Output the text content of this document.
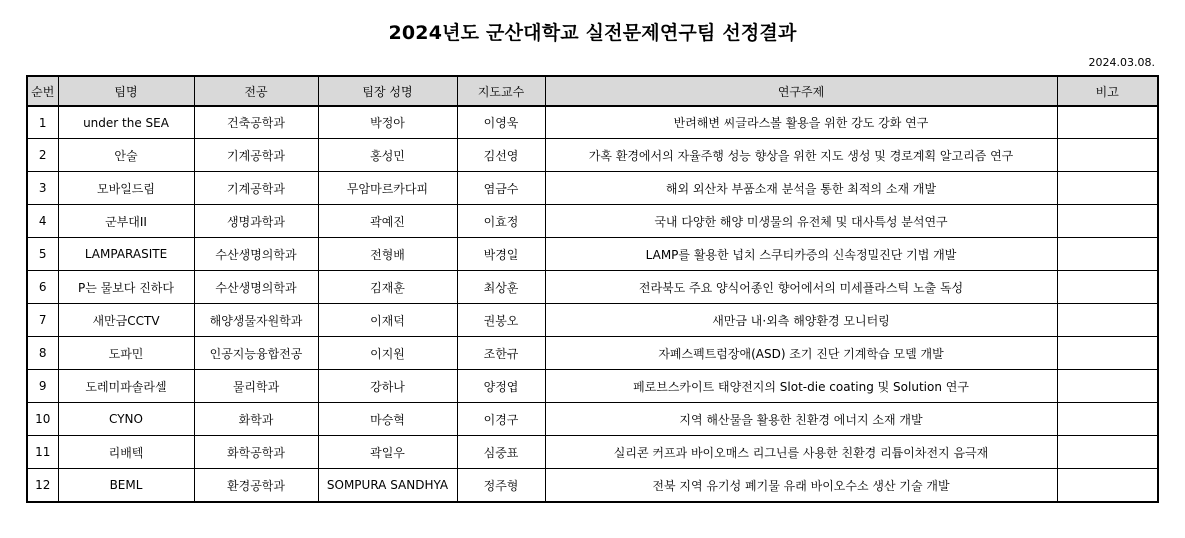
2024년도 군산대학교 실전문제연구팀 선정결과
2024.03.08.
순번	팀명	전공	팀장 성명	지도교수	연구주제	비고
1	under the SEA	건축공학과	박정아	이영욱	반려해변 씨글라스볼 활용을 위한 강도 강화 연구	
2	안술	기계공학과	홍성민	김선영	가혹 환경에서의 자율주행 성능 향상을 위한 지도 생성 및 경로계획 알고리즘 연구	
3	모바일드림	기계공학과	무암마르카다피	염금수	해외 외산차 부품소재 분석을 통한 최적의 소재 개발	
4	군부대II	생명과학과	곽예진	이효정	국내 다양한 해양 미생물의 유전체 및 대사특성 분석연구	
5	LAMPARASITE	수산생명의학과	전형배	박경일	LAMP를 활용한 넙치 스쿠티카증의 신속정밀진단 기법 개발	
6	P는 물보다 진하다	수산생명의학과	김재훈	최상훈	전라북도 주요 양식어종인 향어에서의 미세플라스틱 노출 독성	
7	새만금CCTV	해양생물자원학과	이재덕	권봉오	새만금 내·외측 해양환경 모니터링	
8	도파민	인공지능융합전공	이지원	조한규	자폐스펙트럼장애(ASD) 조기 진단 기계학습 모델 개발	
9	도레미파솔라셀	물리학과	강하나	양정엽	페로브스카이트 태양전지의 Slot-die coating 및 Solution 연구	
10	CYNO	화학과	마승혁	이경구	지역 해산물을 활용한 친환경 에너지 소재 개발	
11	리배텍	화학공학과	곽일우	심중표	실리콘 커프과 바이오매스 리그닌를 사용한 친환경 리튬이차전지 음극재	
12	BEML	환경공학과	SOMPURA SANDHYA	정주형	전북 지역 유기성 폐기물 유래 바이오수소 생산 기술 개발	
